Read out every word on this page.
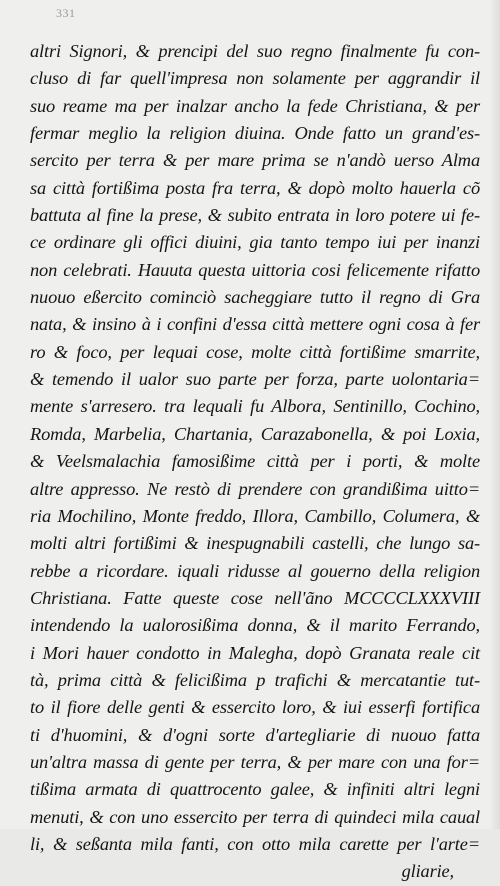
331
altri Signori, & prencipi del suo regno finalmente fu con-
cluso di far quell'impresa non solamente per aggrandir il
suo reame ma per inalzar ancho la fede Christiana, & per
fermar meglio la religion diuina. Onde fatto un grand'es-
sercito per terra & per mare prima se n'andò uerso Alma
sa città fortißima posta fra terra, & dopò molto hauerla cõ
battuta al fine la prese, & subito entrata in loro potere ui fe-
ce ordinare gli offici diuini, gia tanto tempo iui per inanzi
non celebrati. Hauuta questa uittoria cosi felicemente rifatto
nuouo eßercito cominciò sacheggiare tutto il regno di Gra
nata, & insino à i confini d'essa città mettere ogni cosa à fer
ro & foco, per lequai cose, molte città fortißime smarrite,
& temendo il ualor suo parte per forza, parte uolontaria=
mente s'arresero. tra lequali fu Albora, Sentinillo, Cochino,
Romda, Marbelia, Chartania, Carazabonella, & poi Loxia,
& Veelsmalachia famosißime città per i porti, & molte
altre appresso. Ne restò di prendere con grandißima uitto=
ria Mochilino, Monte freddo, Illora, Cambillo, Columera, &
molti altri fortißimi & inespugnabili castelli, che lungo sa-
rebbe a ricordare. iquali ridusse al gouerno della religion
Christiana. Fatte queste cose nell'ãno MCCCCLXXXVIII
intendendo la ualorosißima donna, & il marito Ferrando,
i Mori hauer condotto in Malegha, dopò Granata reale cit
tà, prima città & felicißima p trafichi & mercatantie tut-
to il fiore delle genti & essercito loro, & iui esserfi fortifica
ti d'huomini, & d'ogni sorte d'artegliarie di nuouo fatta
un'altra massa di gente per terra, & per mare con una for=
tißima armata di quattrocento galee, & infiniti altri legni
menuti, & con uno essercito per terra di quindeci mila caual
li, & seßanta mila fanti, con otto mila carette per l'arte=
gliarie,
